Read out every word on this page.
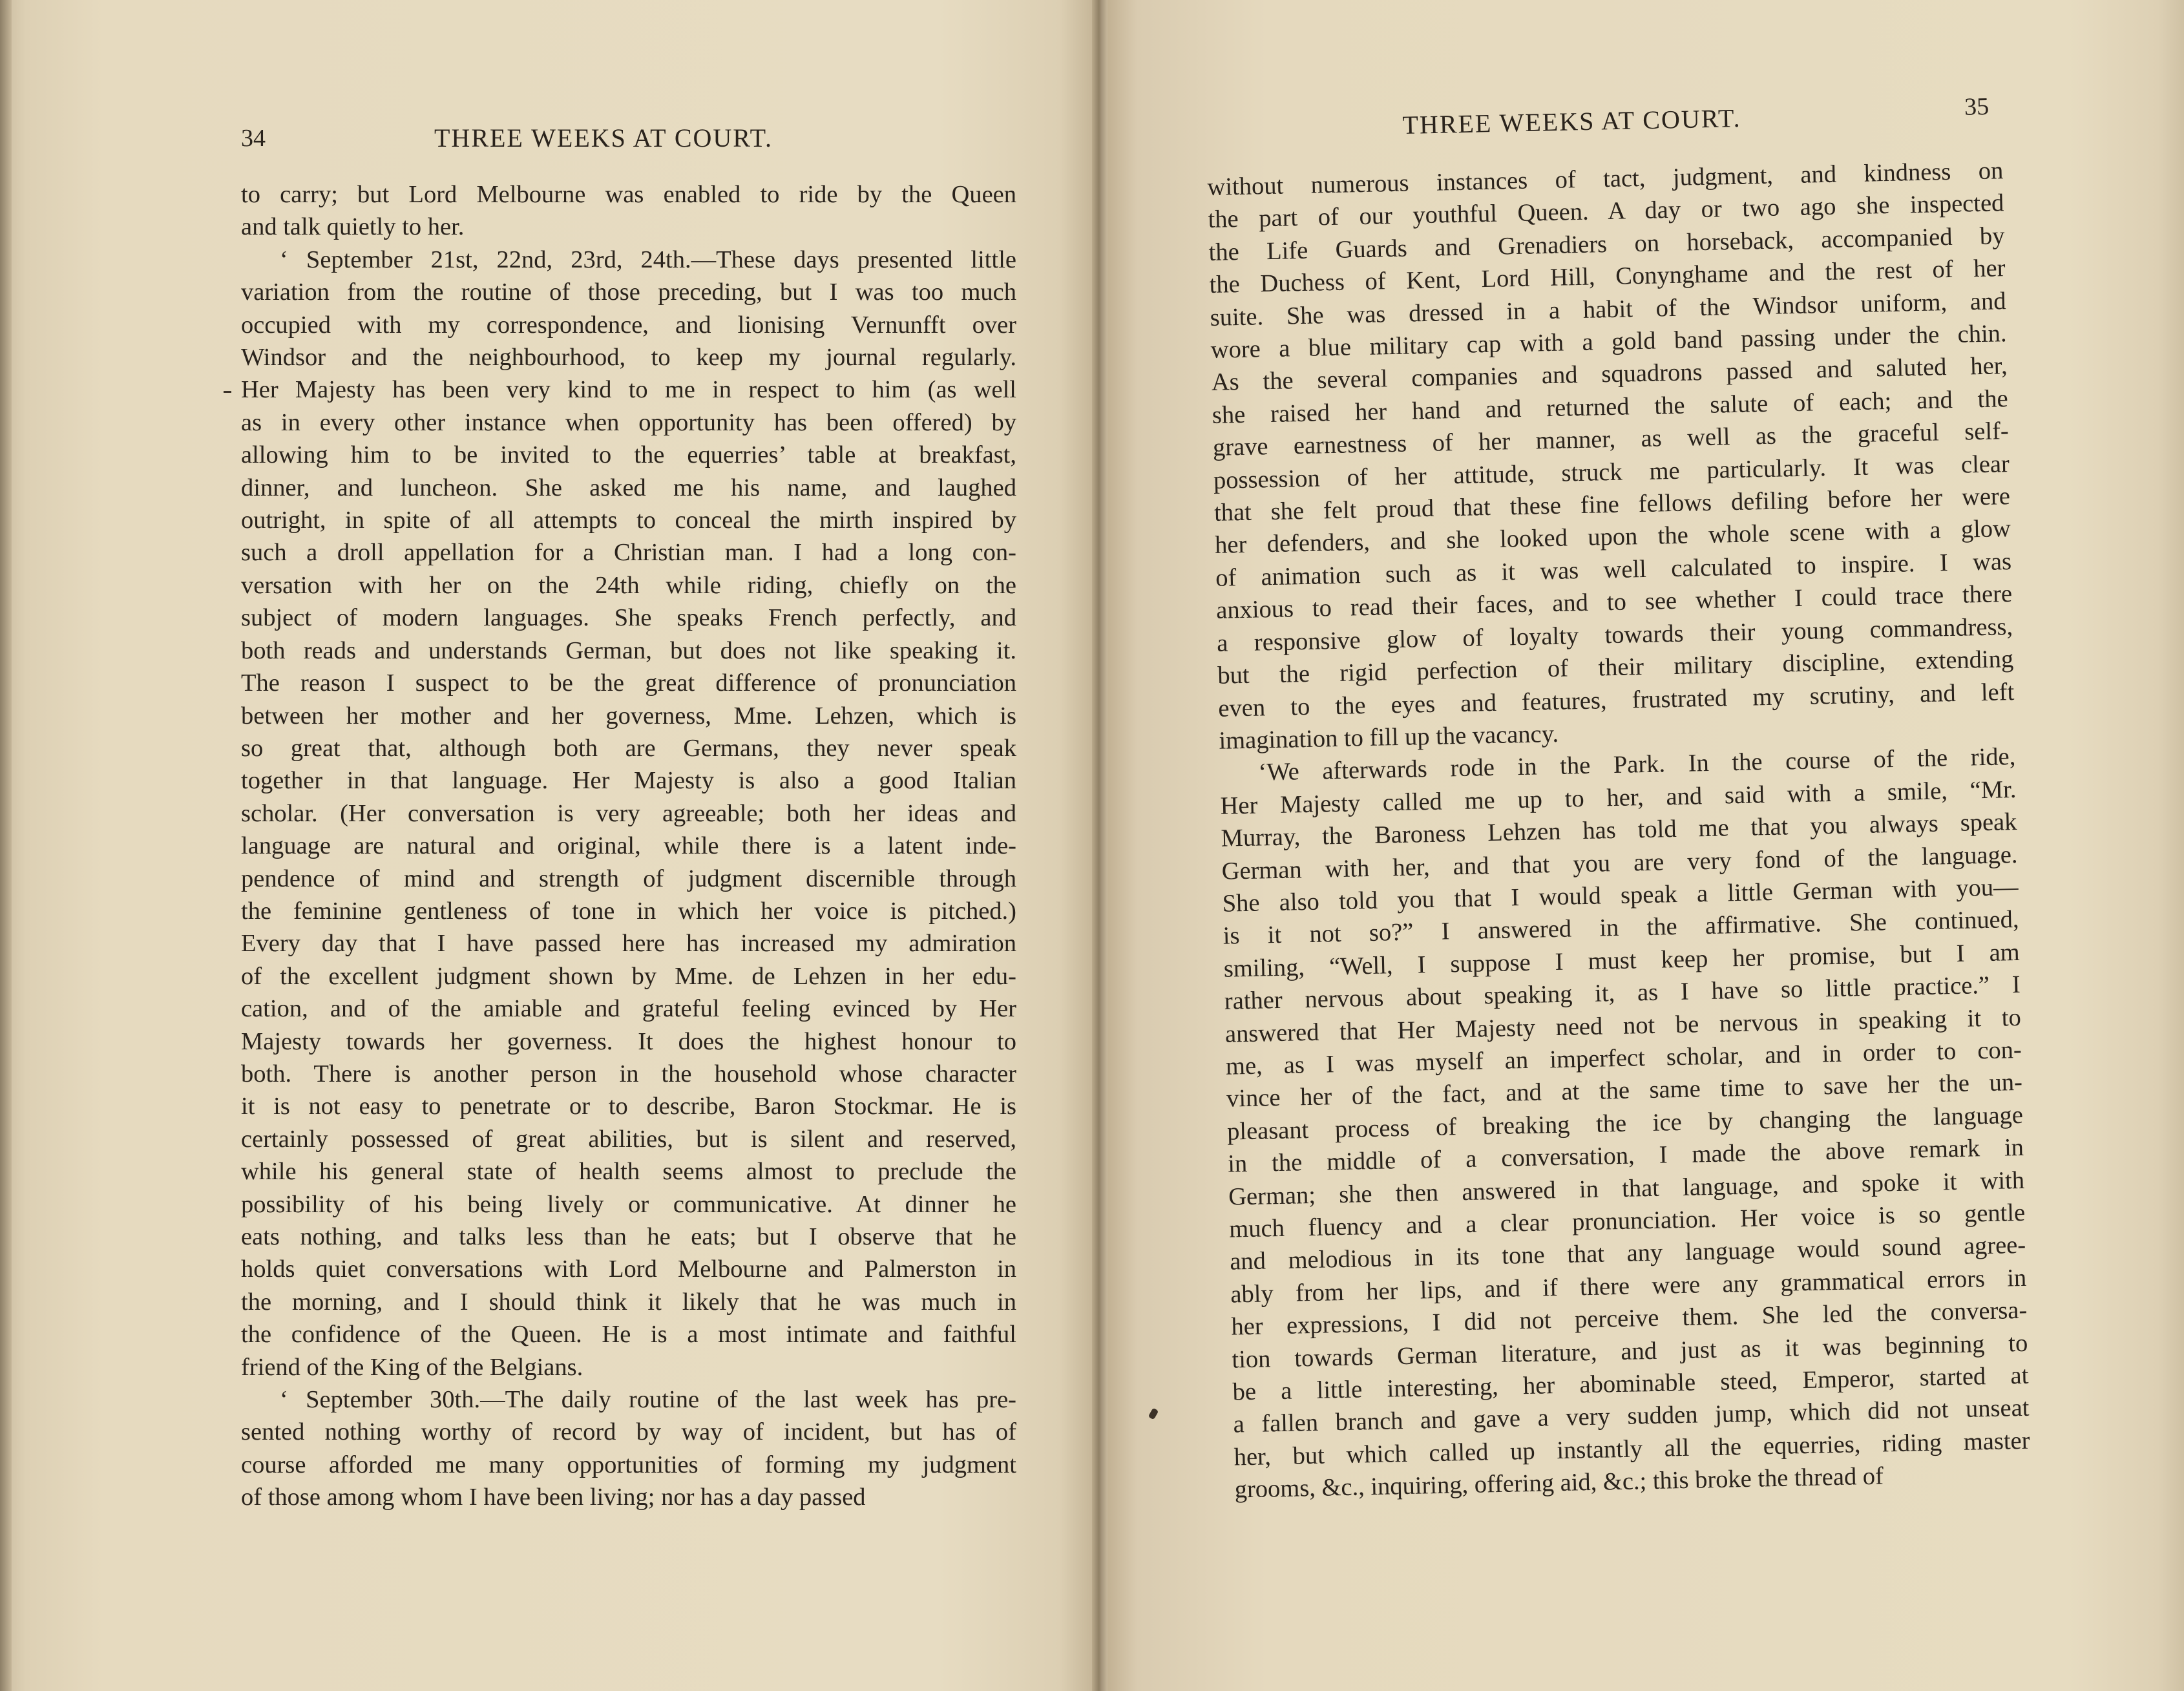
34	THREE WEEKS AT COURT.
to carry; but Lord Melbourne was enabled to ride by the Queen
and talk quietly to her.
‘ September 21st, 22nd, 23rd, 24th.—These days presented little
variation from the routine of those preceding, but I was too much
occupied with my correspondence, and lionising Vernunfft over
Windsor and the neighbourhood, to keep my journal regularly.
Her Majesty has been very kind to me in respect to him (as well
as in every other instance when opportunity has been offered) by
allowing him to be invited to the equerries’ table at breakfast,
dinner, and luncheon. She asked me his name, and laughed
outright, in spite of all attempts to conceal the mirth inspired by
such a droll appellation for a Christian man. I had a long con-
versation with her on the 24th while riding, chiefly on the
subject of modern languages. She speaks French perfectly, and
both reads and understands German, but does not like speaking it.
The reason I suspect to be the great difference of pronunciation
between her mother and her governess, Mme. Lehzen, which is
so great that, although both are Germans, they never speak
together in that language. Her Majesty is also a good Italian
scholar. (Her conversation is very agreeable; both her ideas and
language are natural and original, while there is a latent inde-
pendence of mind and strength of judgment discernible through
the feminine gentleness of tone in which her voice is pitched.)
Every day that I have passed here has increased my admiration
of the excellent judgment shown by Mme. de Lehzen in her edu-
cation, and of the amiable and grateful feeling evinced by Her
Majesty towards her governess. It does the highest honour to
both. There is another person in the household whose character
it is not easy to penetrate or to describe, Baron Stockmar. He is
certainly possessed of great abilities, but is silent and reserved,
while his general state of health seems almost to preclude the
possibility of his being lively or communicative. At dinner he
eats nothing, and talks less than he eats; but I observe that he
holds quiet conversations with Lord Melbourne and Palmerston in
the morning, and I should think it likely that he was much in
the confidence of the Queen. He is a most intimate and faithful
friend of the King of the Belgians.
‘ September 30th.—The daily routine of the last week has pre-
sented nothing worthy of record by way of incident, but has of
course afforded me many opportunities of forming my judgment
of those among whom I have been living; nor has a day passed
THREE WEEKS AT COURT.	35
without numerous instances of tact, judgment, and kindness on
the part of our youthful Queen. A day or two ago she inspected
the Life Guards and Grenadiers on horseback, accompanied by
the Duchess of Kent, Lord Hill, Conynghame and the rest of her
suite. She was dressed in a habit of the Windsor uniform, and
wore a blue military cap with a gold band passing under the chin.
As the several companies and squadrons passed and saluted her,
she raised her hand and returned the salute of each; and the
grave earnestness of her manner, as well as the graceful self-
possession of her attitude, struck me particularly. It was clear
that she felt proud that these fine fellows defiling before her were
her defenders, and she looked upon the whole scene with a glow
of animation such as it was well calculated to inspire. I was
anxious to read their faces, and to see whether I could trace there
a responsive glow of loyalty towards their young commandress,
but the rigid perfection of their military discipline, extending
even to the eyes and features, frustrated my scrutiny, and left
imagination to fill up the vacancy.
‘We afterwards rode in the Park. In the course of the ride,
Her Majesty called me up to her, and said with a smile, “Mr.
Murray, the Baroness Lehzen has told me that you always speak
German with her, and that you are very fond of the language.
She also told you that I would speak a little German with you—
is it not so?” I answered in the affirmative. She continued,
smiling, “Well, I suppose I must keep her promise, but I am
rather nervous about speaking it, as I have so little practice.” I
answered that Her Majesty need not be nervous in speaking it to
me, as I was myself an imperfect scholar, and in order to con-
vince her of the fact, and at the same time to save her the un-
pleasant process of breaking the ice by changing the language
in the middle of a conversation, I made the above remark in
German; she then answered in that language, and spoke it with
much fluency and a clear pronunciation. Her voice is so gentle
and melodious in its tone that any language would sound agree-
ably from her lips, and if there were any grammatical errors in
her expressions, I did not perceive them. She led the conversa-
tion towards German literature, and just as it was beginning to
be a little interesting, her abominable steed, Emperor, started at
a fallen branch and gave a very sudden jump, which did not unseat
her, but which called up instantly all the equerries, riding master
grooms, &c., inquiring, offering aid, &c.; this broke the thread of
